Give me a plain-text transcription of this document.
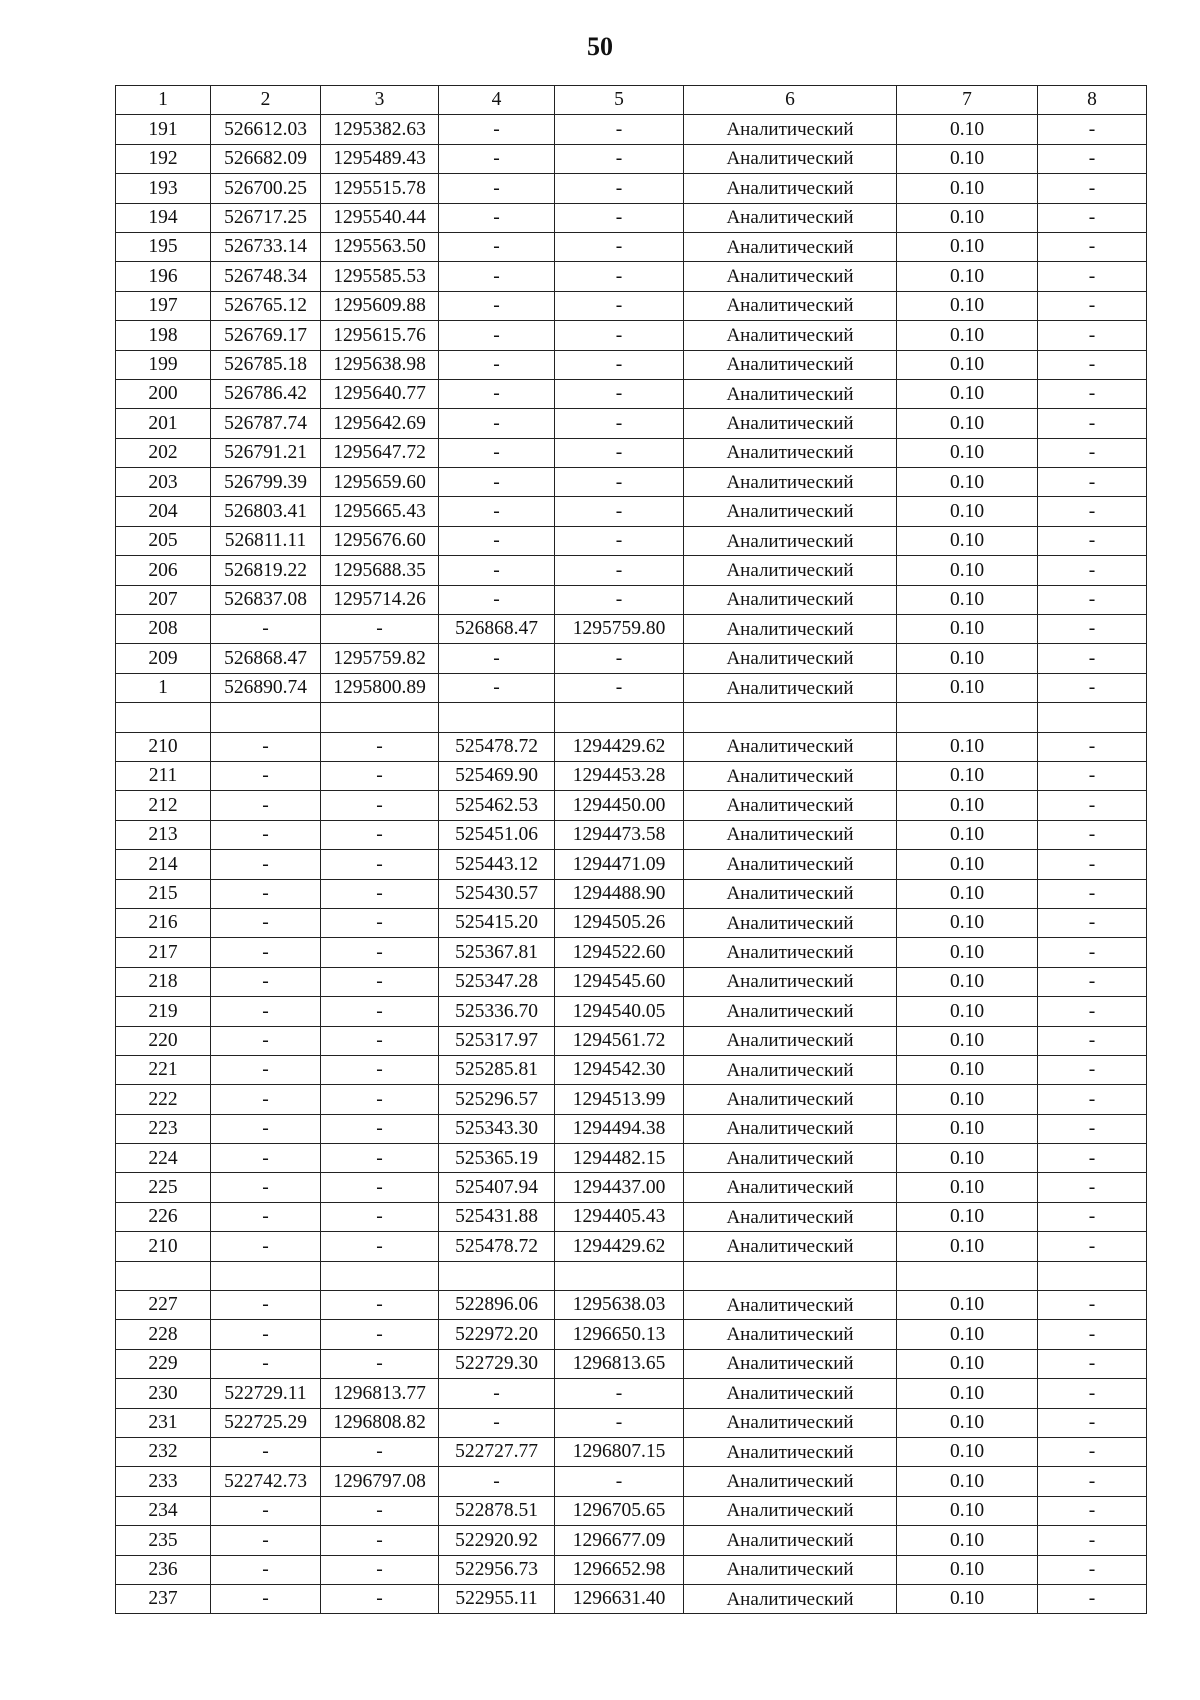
50
1	2	3	4	5	6	7	8
191	526612.03	1295382.63	-	-	Аналитический	0.10	-
192	526682.09	1295489.43	-	-	Аналитический	0.10	-
193	526700.25	1295515.78	-	-	Аналитический	0.10	-
194	526717.25	1295540.44	-	-	Аналитический	0.10	-
195	526733.14	1295563.50	-	-	Аналитический	0.10	-
196	526748.34	1295585.53	-	-	Аналитический	0.10	-
197	526765.12	1295609.88	-	-	Аналитический	0.10	-
198	526769.17	1295615.76	-	-	Аналитический	0.10	-
199	526785.18	1295638.98	-	-	Аналитический	0.10	-
200	526786.42	1295640.77	-	-	Аналитический	0.10	-
201	526787.74	1295642.69	-	-	Аналитический	0.10	-
202	526791.21	1295647.72	-	-	Аналитический	0.10	-
203	526799.39	1295659.60	-	-	Аналитический	0.10	-
204	526803.41	1295665.43	-	-	Аналитический	0.10	-
205	526811.11	1295676.60	-	-	Аналитический	0.10	-
206	526819.22	1295688.35	-	-	Аналитический	0.10	-
207	526837.08	1295714.26	-	-	Аналитический	0.10	-
208	-	-	526868.47	1295759.80	Аналитический	0.10	-
209	526868.47	1295759.82	-	-	Аналитический	0.10	-
1	526890.74	1295800.89	-	-	Аналитический	0.10	-

210	-	-	525478.72	1294429.62	Аналитический	0.10	-
211	-	-	525469.90	1294453.28	Аналитический	0.10	-
212	-	-	525462.53	1294450.00	Аналитический	0.10	-
213	-	-	525451.06	1294473.58	Аналитический	0.10	-
214	-	-	525443.12	1294471.09	Аналитический	0.10	-
215	-	-	525430.57	1294488.90	Аналитический	0.10	-
216	-	-	525415.20	1294505.26	Аналитический	0.10	-
217	-	-	525367.81	1294522.60	Аналитический	0.10	-
218	-	-	525347.28	1294545.60	Аналитический	0.10	-
219	-	-	525336.70	1294540.05	Аналитический	0.10	-
220	-	-	525317.97	1294561.72	Аналитический	0.10	-
221	-	-	525285.81	1294542.30	Аналитический	0.10	-
222	-	-	525296.57	1294513.99	Аналитический	0.10	-
223	-	-	525343.30	1294494.38	Аналитический	0.10	-
224	-	-	525365.19	1294482.15	Аналитический	0.10	-
225	-	-	525407.94	1294437.00	Аналитический	0.10	-
226	-	-	525431.88	1294405.43	Аналитический	0.10	-
210	-	-	525478.72	1294429.62	Аналитический	0.10	-

227	-	-	522896.06	1295638.03	Аналитический	0.10	-
228	-	-	522972.20	1296650.13	Аналитический	0.10	-
229	-	-	522729.30	1296813.65	Аналитический	0.10	-
230	522729.11	1296813.77	-	-	Аналитический	0.10	-
231	522725.29	1296808.82	-	-	Аналитический	0.10	-
232	-	-	522727.77	1296807.15	Аналитический	0.10	-
233	522742.73	1296797.08	-	-	Аналитический	0.10	-
234	-	-	522878.51	1296705.65	Аналитический	0.10	-
235	-	-	522920.92	1296677.09	Аналитический	0.10	-
236	-	-	522956.73	1296652.98	Аналитический	0.10	-
237	-	-	522955.11	1296631.40	Аналитический	0.10	-
